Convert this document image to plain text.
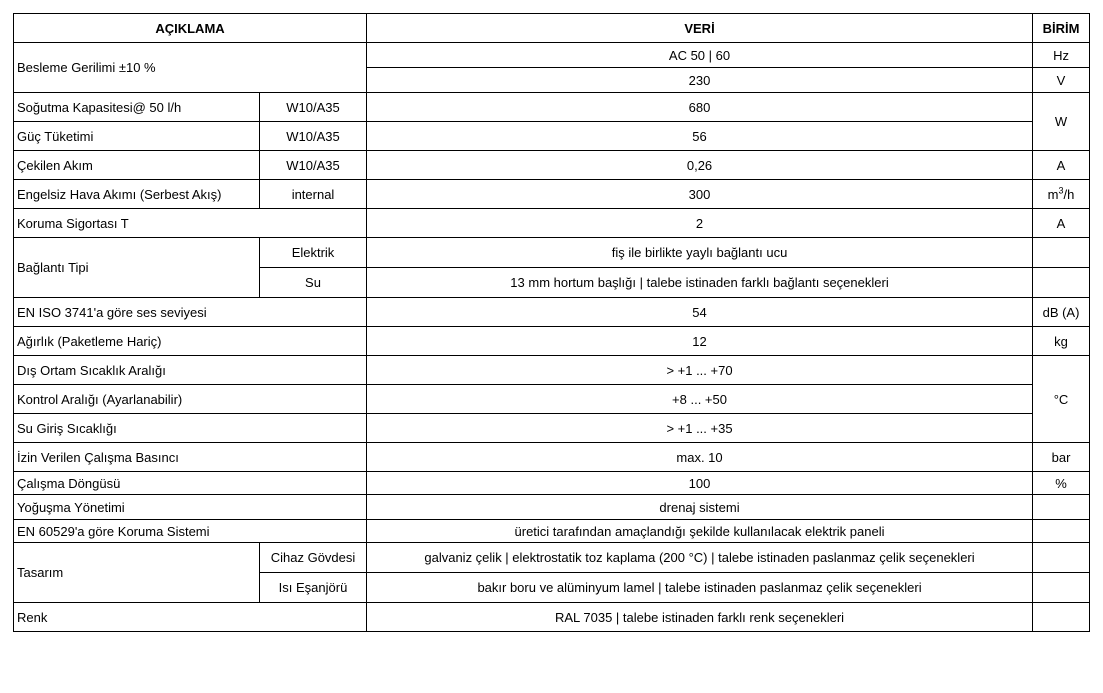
AÇIKLAMA		VERİ	BİRİM
Besleme Gerilimi ±10 %		AC 50 | 60	Hz
		230	V
Soğutma Kapasitesi@ 50 l/h	W10/A35	680	W
Güç Tüketimi	W10/A35	56	
Çekilen Akım	W10/A35	0,26	A
Engelsiz Hava Akımı (Serbest Akış)	internal	300	$m^3/h$
Koruma Sigortası T		2	A
Bağlantı Tipi	Elektrik	fiş ile birlikte yaylı bağlantı ucu	
	Su	13 mm hortum başlığı | talebe istinaden farklı bağlantı seçenekleri	
EN ISO 3741'a göre ses seviyesi		54	dB (A)
Ağırlık (Paketleme Hariç)		12	kg
Dış Ortam Sıcaklık Aralığı		> +1 ... +70	°C
Kontrol Aralığı (Ayarlanabilir)		+8 ... +50	
Su Giriş Sıcaklığı		> +1 ... +35	
İzin Verilen Çalışma Basıncı		max. 10	bar
Çalışma Döngüsü		100	%
Yoğuşma Yönetimi		drenaj sistemi	
EN 60529'a göre Koruma Sistemi		üretici tarafından amaçlandığı şekilde kullanılacak elektrik paneli	
Tasarım	Cihaz Gövdesi	galvaniz çelik | elektrostatik toz kaplama (200 °C) | talebe istinaden paslanmaz çelik seçenekleri	
	Isı Eşanjörü	bakır boru ve alüminyum lamel | talebe istinaden paslanmaz çelik seçenekleri	
Renk		RAL 7035 | talebe istinaden farklı renk seçenekleri	
